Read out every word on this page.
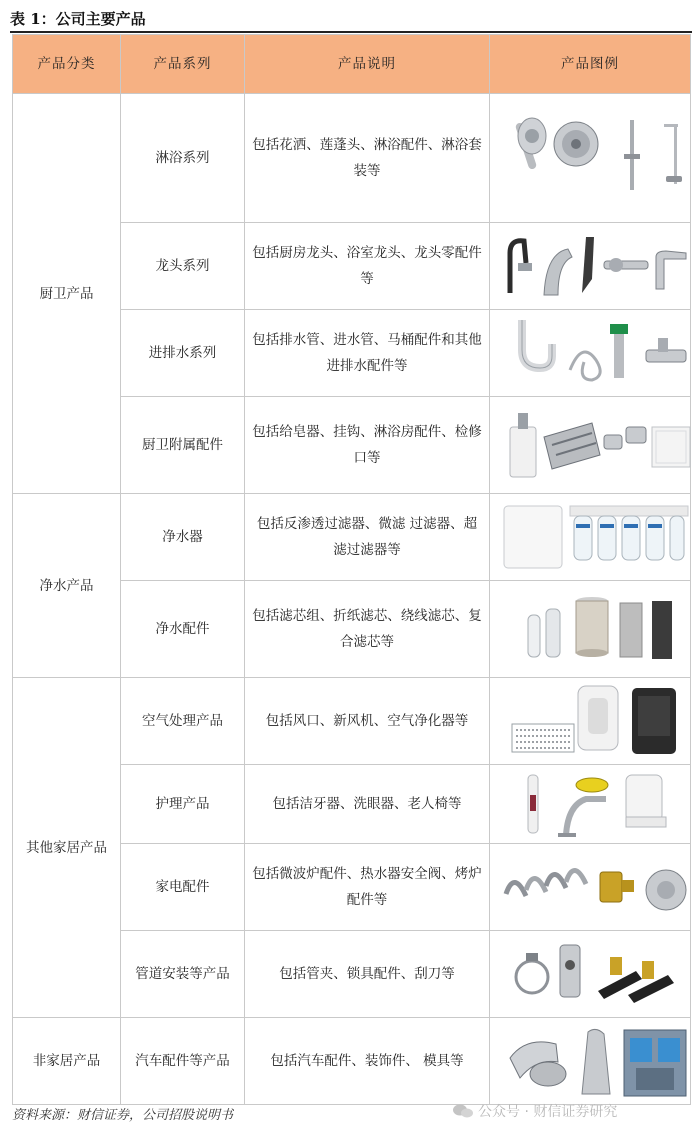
表 1：公司主要产品
产品分类	产品系列	产品说明	产品图例
厨卫产品	淋浴系列	包括花洒、莲蓬头、淋浴配件、淋浴套装等	

	龙头系列	包括厨房龙头、浴室龙头、龙头零配件等	

	进排水系列	包括排水管、进水管、马桶配件和其他进排水配件等	

	厨卫附属配件	包括给皂器、挂钩、淋浴房配件、检修口等	

净水产品	净水器	包括反渗透过滤器、微滤 过滤器、超滤过滤器等	

	净水配件	包括滤芯组、折纸滤芯、绕线滤芯、复合滤芯等	

其他家居产品	空气处理产品	包括风口、新风机、空气净化器等	

	护理产品	包括洁牙器、洗眼器、老人椅等	

	家电配件	包括微波炉配件、热水器安全阀、烤炉配件等	

	管道安装等产品	包括管夹、锁具配件、刮刀等	

非家居产品	汽车配件等产品	包括汽车配件、装饰件、 模具等	
资料来源：财信证券，公司招股说明书	公众号 · 财信证券研究
